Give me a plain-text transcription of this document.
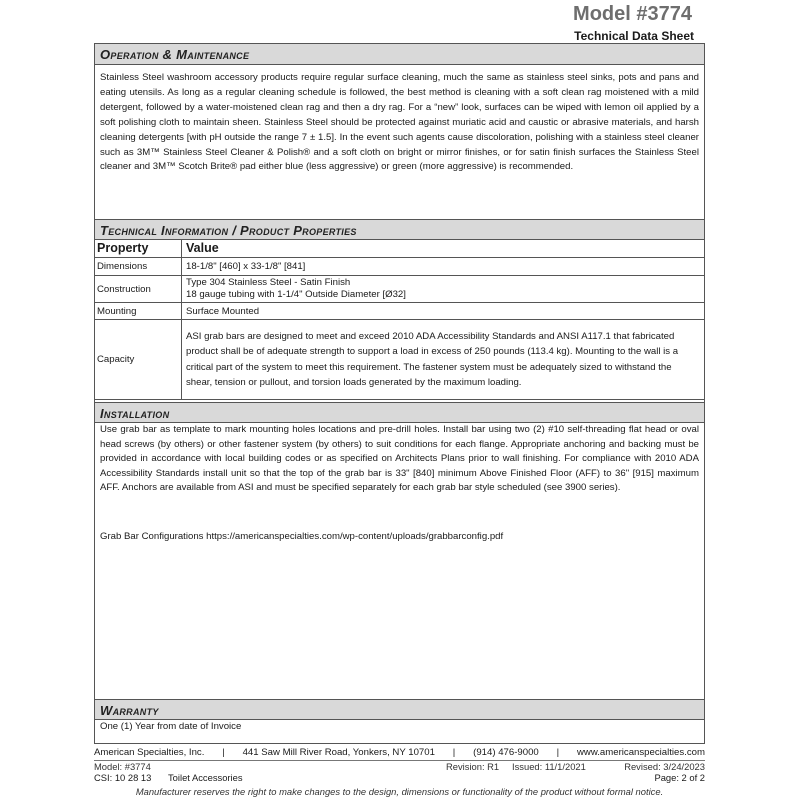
Model #3774
Technical Data Sheet
Operation & Maintenance
Stainless Steel washroom accessory products require regular surface cleaning, much the same as stainless steel sinks, pots and pans and eating utensils. As long as a regular cleaning schedule is followed, the best method is cleaning with a soft clean rag moistened with a mild detergent, followed by a water-moistened clean rag and then a dry rag. For a “new” look, surfaces can be wiped with lemon oil applied by a soft polishing cloth to maintain sheen. Stainless Steel should be protected against muriatic acid and caustic or abrasive materials, and harsh cleaning detergents [with pH outside the range 7 ± 1.5]. In the event such agents cause discoloration, polishing with a stainless steel cleaner such as 3M™ Stainless Steel Cleaner & Polish® and a soft cloth on bright or mirror finishes, or for satin finish surfaces the Stainless Steel cleaner and 3M™ Scotch Brite® pad either blue (less aggressive) or green (more aggressive) is recommended.
Technical Information / Product Properties
Property	Value
Dimensions	18-1/8" [460] x 33-1/8" [841]
Construction	Type 304 Stainless Steel - Satin Finish
18 gauge tubing with 1-1/4" Outside Diameter [Ø32]

Mounting	Surface Mounted
Capacity	ASI grab bars are designed to meet and exceed 2010 ADA Accessibility Standards and ANSI A117.1 that fabricated product shall be of adequate strength to support a load in excess of 250 pounds (113.4 kg). Mounting to the wall is a critical part of the system to meet this requirement. The fastener system must be adequately sized to withstand the shear, tension or pullout, and torsion loads generated by the maximum loading.
Installation
Use grab bar as template to mark mounting holes locations and pre-drill holes. Install bar using two (2) #10 self-threading flat head or oval head screws (by others) or other fastener system (by others) to suit conditions for each flange. Appropriate anchoring and backing must be provided in accordance with local building codes or as specified on Architects Plans prior to wall finishing. For compliance with 2010 ADA Accessibility Standards install unit so that the top of the grab bar is 33" [840] minimum Above Finished Floor (AFF) to 36" [915] maximum AFF. Anchors are available from ASI and must be specified separately for each grab bar style scheduled (see 3900 series).
Grab Bar Configurations https://americanspecialties.com/wp-content/uploads/grabbarconfig.pdf
Warranty
One (1) Year from date of Invoice
American Specialties, Inc. | 441 Saw Mill River Road, Yonkers, NY 10701 | (914) 476-9000 | www.americanspecialties.com
Model: #3774	Revision: R1 Issued: 11/1/2021	Revised: 3/24/2023
CSI: 10 28 13 Toilet Accessories	Page: 2 of 2
Manufacturer reserves the right to make changes to the design, dimensions or functionality of the product without formal notice.
